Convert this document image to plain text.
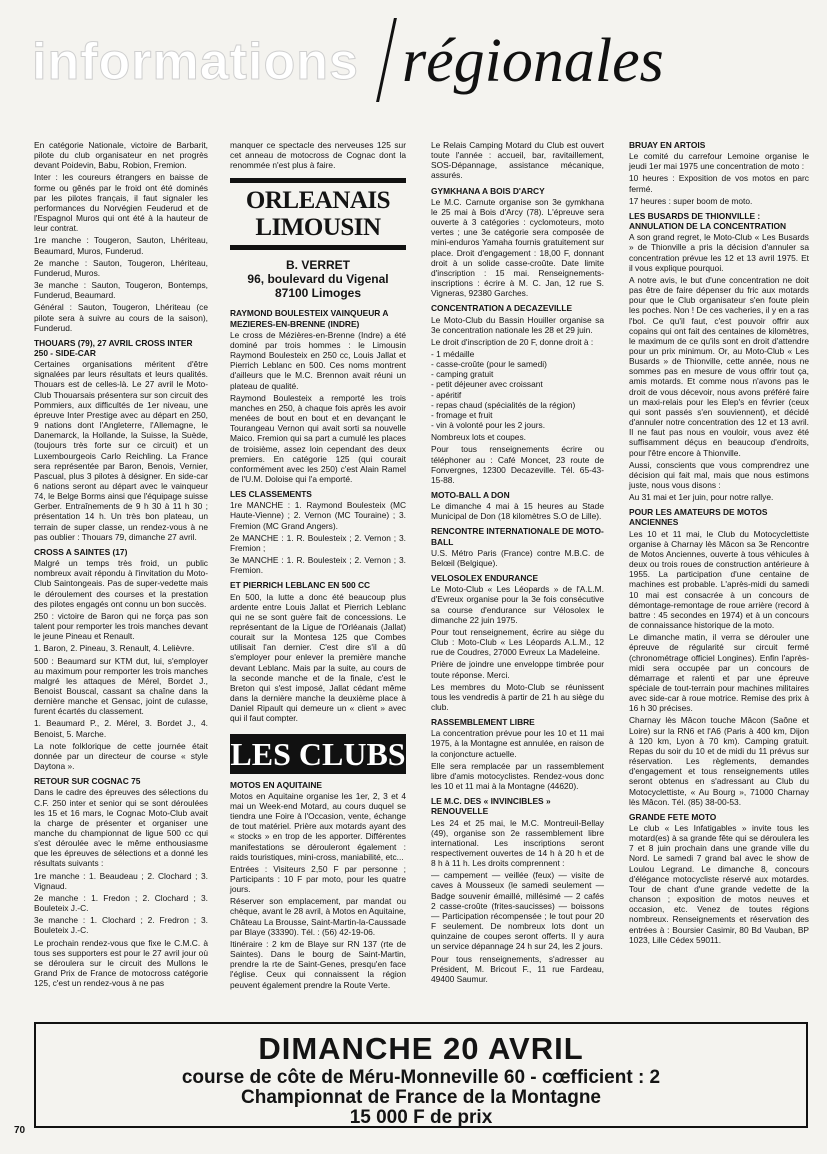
informations régionales

En catégorie Nationale, victoire de Barbarit, pilote du club organisateur en net progrès devant Poidevin, Babu, Robion, Fremion.

Inter : les coureurs étrangers en baisse de forme ou gênés par le froid ont été dominés par les pilotes français, il faut signaler les performances du Norvégien Feuderud et de l'Espagnol Muros qui ont été à la hauteur de leur contrat.

1re manche : Tougeron, Sauton, Lhériteau, Beaumard, Muros, Funderud.

2e manche : Sauton, Tougeron, Lhériteau, Funderud, Muros.

3e manche : Sauton, Tougeron, Bontemps, Funderud, Beaumard.

Général : Sauton, Tougeron, Lhériteau (ce pilote sera à suivre au cours de la saison), Funderud.

THOUARS (79), 27 AVRIL CROSS INTER 250 - SIDE-CAR

Certaines organisations méritent d'être signalées par leurs résultats et leurs qualités. Thouars est de celles-là. Le 27 avril le Moto-Club Thouarsais présentera sur son circuit des Pommiers, aux difficultés de 1er niveau, une épreuve Inter Prestige avec au départ en 250, 9 nations dont l'Angleterre, l'Allemagne, le Danemarck, la Hollande, la Suisse, la Suède, (toujours très forte sur ce circuit) et un Luxembourgeois Carlo Reichling. La France sera représentée par Baron, Benois, Vernier, Pascual, plus 3 pilotes à désigner. En side-car 6 nations seront au départ avec le vainqueur 74, le Belge Borms ainsi que l'équipage suisse Gerber. Entraînements de 9 h 30 à 11 h 30 ; présentation 14 h. Un très bon plateau, un terrain de super classe, un rendez-vous à ne pas oublier : Thouars 79, dimanche 27 avril.

CROSS A SAINTES (17)

Malgré un temps très froid, un public nombreux avait répondu à l'invitation du Moto-Club Saintongeais. Pas de super-vedette mais le déroulement des courses et la prestation des pilotes engagés ont connu un bon succès.

250 : victoire de Baron qui ne força pas son talent pour remporter les trois manches devant le jeune Pineau et Renault.

1. Baron, 2. Pineau, 3. Renault, 4. Lelièvre.

500 : Beaumard sur KTM dut, lui, s'employer au maximum pour remporter les trois manches malgré les attaques de Mérel, Bordet J., Benoist Bouscal, cassant sa chaîne dans la dernière manche et Gensac, joint de culasse, furent écartés du classement.

1. Beaumard P., 2. Mérel, 3. Bordet J., 4. Benoist, 5. Marche.

La note folklorique de cette journée était donnée par un directeur de course « style Daytona ».

RETOUR SUR COGNAC 75

Dans le cadre des épreuves des sélections du C.F. 250 inter et senior qui se sont déroulées les 15 et 16 mars, le Cognac Moto-Club avait la charge de présenter et organiser une manche du championnat de ligue 500 cc qui s'est déroulée avec le même enthousiasme que les épreuves de sélections et a donné les résultats suivants :

1re manche : 1. Beaudeau ; 2. Clochard ; 3. Vignaud.

2e manche : 1. Fredon ; 2. Clochard ; 3. Bouleteix J.-C.

3e manche : 1. Clochard ; 2. Fredron ; 3. Bouleteix J.-C.

Le prochain rendez-vous que fixe le C.M.C. à tous ses supporters est pour le 27 avril jour où se déroulera sur le circuit des Mullons le Grand Prix de France de motocross catégorie 125, c'est un rendez-vous à ne pas

manquer ce spectacle des nerveuses 125 sur cet anneau de motocross de Cognac dont la renommée n'est plus à faire.

ORLEANAIS LIMOUSIN
B. VERRET
96, boulevard du Vigenal
87100 Limoges
RAYMOND BOULESTEIX VAINQUEUR A MEZIERES-EN-BRENNE (INDRE)

Le cross de Mézières-en-Brenne (Indre) a été dominé par trois hommes : le Limousin Raymond Boulesteix en 250 cc, Louis Jallat et Pierrich Leblanc en 500. Ces noms montrent d'ailleurs que le M.C. Brennon avait réuni un plateau de qualité.

Raymond Boulesteix a remporté les trois manches en 250, à chaque fois après les avoir menées de bout en bout et en devançant le Tourangeau Vernon qui avait sorti sa nouvelle Maico. Fremion qui sa part a cumulé les places de troisième, assez loin cependant des deux premiers. En catégorie 125 (qui courait conformément avec les 250) c'est Alain Ramel de l'U.M. Doloise qui l'a emporté.

LES CLASSEMENTS

1re MANCHE : 1. Raymond Boulesteix (MC Haute-Vienne) ; 2. Vernon (MC Touraine) ; 3. Fremion (MC Grand Angers).

2e MANCHE : 1. R. Boulesteix ; 2. Vernon ; 3. Fremion ;

3e MANCHE : 1. R. Boulesteix ; 2. Vernon ; 3. Fremion.

ET PIERRICH LEBLANC EN 500 CC

En 500, la lutte a donc été beaucoup plus ardente entre Louis Jallat et Pierrich Leblanc qui ne se sont guère fait de concessions. Le représentant de la Ligue de l'Orléanais (Jallat) courait sur la Montesa 125 que Combes utilisait l'an dernier. C'est dire s'il a dû s'employer pour enlever la première manche devant Leblanc. Mais par la suite, au cours de la seconde manche et de la finale, c'est le Breton qui s'est imposé, Jallat cédant même dans la dernière manche la deuxième place à Daniel Ripault qui demeure un « client » avec qui il faut compter.

LES CLUBS
MOTOS EN AQUITAINE

Motos en Aquitaine organise les 1er, 2, 3 et 4 mai un Week-end Motard, au cours duquel se tiendra une Foire à l'Occasion, vente, échange de tout matériel. Prière aux motards ayant des « stocks » en trop de les apporter. Différentes manifestations se dérouleront également : raids touristiques, mini-cross, maniabilité, etc...

Entrées : Visiteurs 2,50 F par personne ; Participants : 10 F par moto, pour les quatre jours.

Réserver son emplacement, par mandat ou chèque, avant le 28 avril, à Motos en Aquitaine, Château La Brousse, Saint-Martin-la-Caussade par Blaye (33390). Tél. : (56) 42-19-06.

Itinéraire : 2 km de Blaye sur RN 137 (rte de Saintes). Dans le bourg de Saint-Martin, prendre la rte de Saint-Genes, presqu'en face l'église. Ceux qui connaissent la région peuvent également prendre la Route Verte.

Le Relais Camping Motard du Club est ouvert toute l'année : accueil, bar, ravitaillement, SOS-Dépannage, assistance mécanique, assurés.

GYMKHANA A BOIS D'ARCY

Le M.C. Carnute organise son 3e gymkhana le 25 mai à Bois d'Arcy (78). L'épreuve sera ouverte à 3 catégories : cyclomoteurs, moto vertes ; une 3e catégorie sera composée de mini-enduros Yamaha fournis gratuitement sur place. Droit d'engagement : 18,00 F, donnant droit à un solide casse-croûte. Date limite d'inscription : 15 mai. Renseignements-inscriptions : écrire à M. C. Jan, 12 rue S. Vigneras, 92380 Garches.

CONCENTRATION A DECAZEVILLE

Le Moto-Club du Bassin Houiller organise sa 3e concentration nationale les 28 et 29 juin.

Le droit d'inscription de 20 F, donne droit à :

- 1 médaille
- casse-croûte (pour le samedi)
- camping gratuit
- petit déjeuner avec croissant
- apéritif
- repas chaud (spécialités de la région)
- fromage et fruit
- vin à volonté pour les 2 jours.

Nombreux lots et coupes.

Pour tous renseignements écrire ou téléphoner au : Café Moncet, 23 route de Fonvergnes, 12300 Decazeville. Tél. 65-43-15-88.

MOTO-BALL A DON

Le dimanche 4 mai à 15 heures au Stade Municipal de Don (18 kilomètres S.O de Lille).

RENCONTRE INTERNATIONALE DE MOTO-BALL

U.S. Métro Paris (France) contre M.B.C. de Belœil (Belgique).

VELOSOLEX ENDURANCE

Le Moto-Club « Les Léopards » de l'A.L.M. d'Evreux organise pour la 3e fois consécutive sa course d'endurance sur Vélosolex le dimanche 22 juin 1975.

Pour tout renseignement, écrire au siège du Club : Moto-Club « Les Léopards A.L.M., 12 rue de Coudres, 27000 Evreux La Madeleine.

Prière de joindre une enveloppe timbrée pour toute réponse. Merci.

Les membres du Moto-Club se réunissent tous les vendredis à partir de 21 h au siège du club.

RASSEMBLEMENT LIBRE

La concentration prévue pour les 10 et 11 mai 1975, à la Montagne est annulée, en raison de la conjoncture actuelle.

Elle sera remplacée par un rassemblement libre d'amis motocyclistes. Rendez-vous donc les 10 et 11 mai à la Montagne (44620).

LE M.C. DES « INVINCIBLES » RENOUVELLE

Les 24 et 25 mai, le M.C. Montreuil-Bellay (49), organise son 2e rassemblement libre international. Les inscriptions seront respectivement ouvertes de 14 h à 20 h et de 8 h à 11 h. Les droits comprennent :

— campement — veillée (feux) — visite de caves à Mousseux (le samedi seulement — Badge souvenir émaillé, millésimé — 2 cafés 2 casse-croûte (frites-saucisses) — boissons — Participation récompensée ; le tout pour 20 F seulement. De nombreux lots dont un quinzaine de coupes seront offerts. Il y aura un service dépannage 24 h sur 24, les 2 jours.

Pour tous renseignements, s'adresser au Président, M. Bricout F., 11 rue Fardeau, 49400 Saumur.

BRUAY EN ARTOIS

Le comité du carrefour Lemoine organise le jeudi 1er mai 1975 une concentration de moto :

10 heures : Exposition de vos motos en parc fermé.

17 heures : super boom de moto.

LES BUSARDS DE THIONVILLE : ANNULATION DE LA CONCENTRATION

A son grand regret, le Moto-Club « Les Busards » de Thionville a pris la décision d'annuler sa concentration prévue les 12 et 13 avril 1975. Et il vous explique pourquoi.

A notre avis, le but d'une concentration ne doit pas être de faire dépenser du fric aux motards pour que le Club organisateur s'en foute plein les poches. Non ! De ces vacheries, il y en a ras l'bol. Ce qu'il faut, c'est pouvoir offrir aux copains qui ont fait des centaines de kilomètres, le maximum de ce qu'ils sont en droit d'attendre pour un prix minimum. Or, au Moto-Club « Les Busards » de Thionville, cette année, nous ne sommes pas en mesure de vous offrir tout ça, amis motards. Et comme nous n'avons pas le droit de vous décevoir, nous avons préféré faire un maxi-relais pour les Elep's en février (ceux qui sont passés s'en souviennent), et décidé d'annuler notre concentration des 12 et 13 avril. Il ne faut pas nous en vouloir, vous avez été suffisamment déçus en beaucoup d'endroits, pour l'être encore à Thionville.

Aussi, conscients que vous comprendrez une décision qui fait mal, mais que nous estimons juste, nous vous disons :

Au 31 mai et 1er juin, pour notre rallye.

POUR LES AMATEURS DE MOTOS ANCIENNES

Les 10 et 11 mai, le Club du Motocyclettiste organise à Charnay lès Mâcon sa 3e Rencontre de Motos Anciennes, ouverte à tous véhicules à deux ou trois roues de construction antérieure à 1955. La participation d'une centaine de machines est probable. L'après-midi du samedi 10 mai est consacrée à un concours de démontage-remontage de roue arrière (record à battre : 45 secondes en 1974) et à un concours de connaissance historique de la moto.

Le dimanche matin, il verra se dérouler une épreuve de régularité sur circuit fermé (chronométrage officiel Longines). Enfin l'après-midi sera occupée par un concours de démarrage et ralenti et par une épreuve spéciale de tout-terrain pour machines militaires avec side-car à roue motrice. Remise des prix à 16 h 30 précises.

Charnay lès Mâcon touche Mâcon (Saône et Loire) sur la RN6 et l'A6 (Paris à 400 km, Dijon à 120 km, Lyon à 70 km). Camping gratuit. Repas du soir du 10 et de midi du 11 prévus sur réservation. Les règlements, demandes d'engagement et tous renseignements utiles seront obtenus en s'adressant au Club du Motocyclettiste, « Au Bourg », 71000 Charnay lès Mâcon. Tél. (85) 38-00-53.

GRANDE FETE MOTO

Le club « Les Infatigables » invite tous les motard(es) à sa grande fête qui se déroulera les 7 et 8 juin prochain dans une grande ville du Nord. Le samedi 7 grand bal avec le show de Loulou Legrand. Le dimanche 8, concours d'élégance motocycliste réservé aux motardes. Tour de chant d'une grande vedette de la chanson ; exposition de motos neuves et occasion, etc. Venez de toutes régions nombreux. Renseignements et réservation des entrées à : Boursier Casimir, 80 Bd Vauban, BP 1023, Lille Cédex 59011.

DIMANCHE 20 AVRIL
course de côte de Méru-Monneville 60 - cœfficient : 2
Championnat de France de la Montagne
15 000 F de prix
70
